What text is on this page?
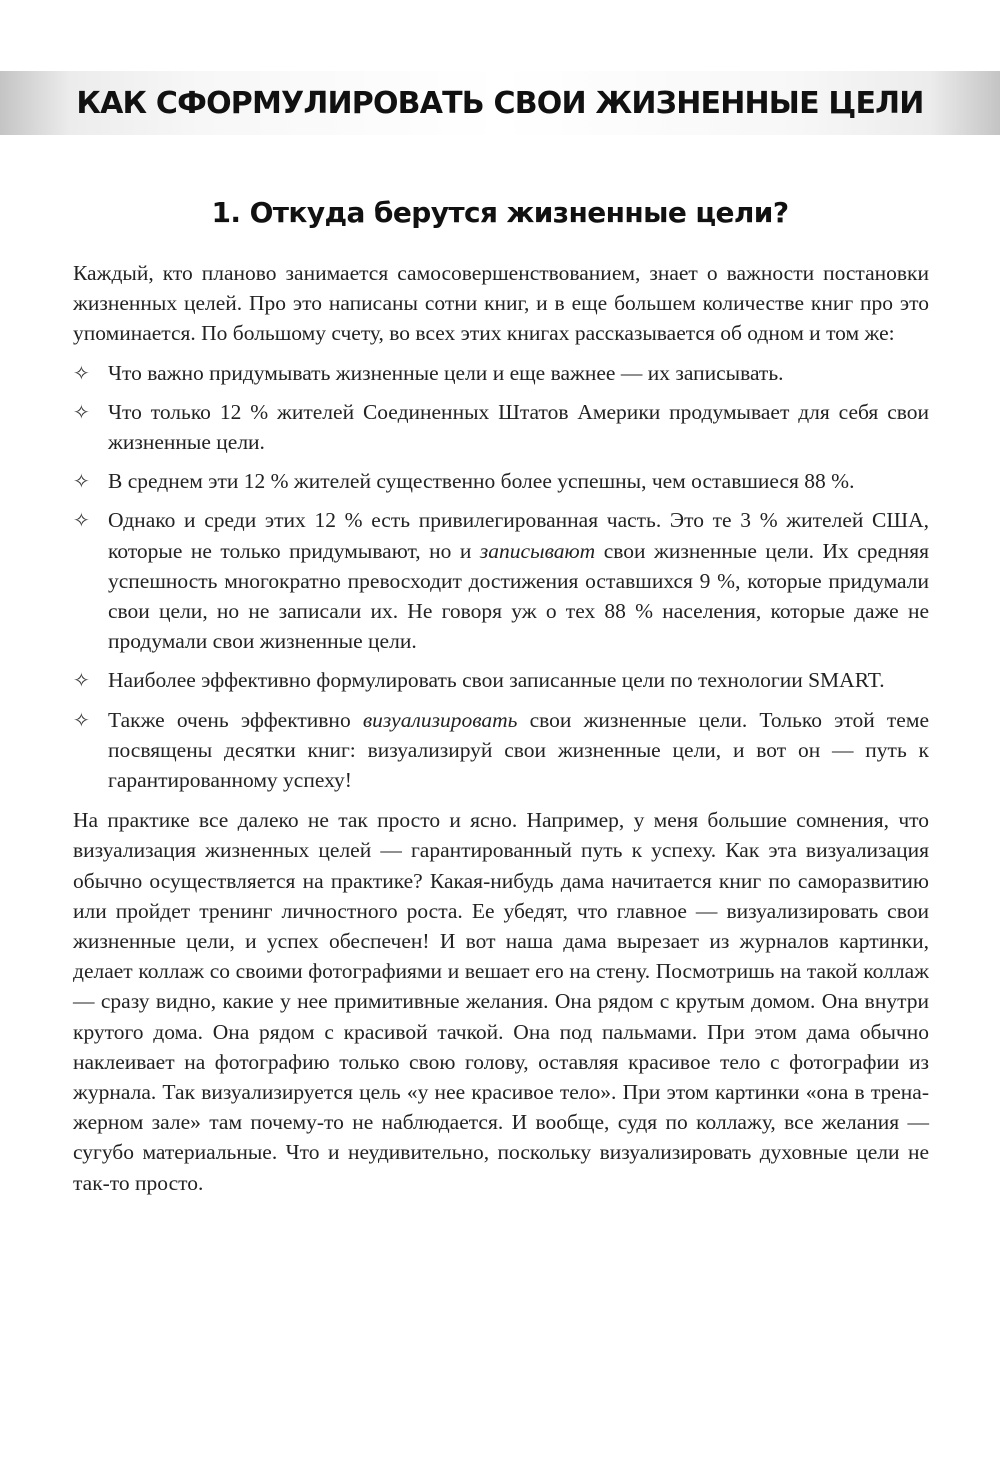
КАК СФОРМУЛИРОВАТЬ СВОИ ЖИЗНЕННЫЕ ЦЕЛИ
1. Откуда берутся жизненные цели?

Каждый, кто планово занимается самосовершенствованием, знает о важности постановки жизненных целей. Про это написаны сотни книг, и в еще большем количестве книг про это упоминается. По большому счету, во всех этих книгах рассказывается об одном и том же:

✧ Что важно придумывать жизненные цели и еще важнее — их записывать.
✧ Что только 12 % жителей Соединенных Штатов Америки продумывает для себя свои жизненные цели.
✧ В среднем эти 12 % жителей существенно более успешны, чем оставшиеся 88 %.
✧ Однако и среди этих 12 % есть привилегированная часть. Это те 3 % жителей США, которые не только придумывают, но и записывают свои жизненные цели. Их средняя успешность многократно превосходит достижения оставшихся 9 %, которые придумали свои цели, но не записали их. Не говоря уж о тех 88 % населения, которые даже не продумали свои жизненные цели.
✧ Наиболее эффективно формулировать свои записанные цели по технологии SMART.
✧ Также очень эффективно визуализировать свои жизненные цели. Только этой теме посвящены десятки книг: визуализируй свои жизненные цели, и вот он — путь к гарантированному успеху!

На практике все далеко не так просто и ясно. Например, у меня большие сомнения, что визуализация жизненных целей — гарантированный путь к успеху. Как эта визуализация обычно осуществляется на практике? Какая-нибудь дама начитается книг по саморазвитию или пройдет тренинг личностного роста. Ее убедят, что главное — визуализировать свои жизненные цели, и успех обеспечен! И вот наша дама вырезает из журналов картинки, делает коллаж со своими фотографиями и вешает его на стену. Посмотришь на такой коллаж — сразу видно, какие у нее примитивные желания. Она рядом с крутым домом. Она внутри крутого дома. Она рядом с красивой тачкой. Она под пальмами. При этом дама обычно наклеивает на фотографию только свою голову, оставляя красивое тело с фотографии из журнала. Так визуализируется цель «у нее красивое тело». При этом картинки «она в тренажерном зале» там почему-то не наблюдается. И вообще, судя по коллажу, все желания — сугубо материальные. Что и неудивительно, поскольку визуализировать духовные цели не так-то просто.
